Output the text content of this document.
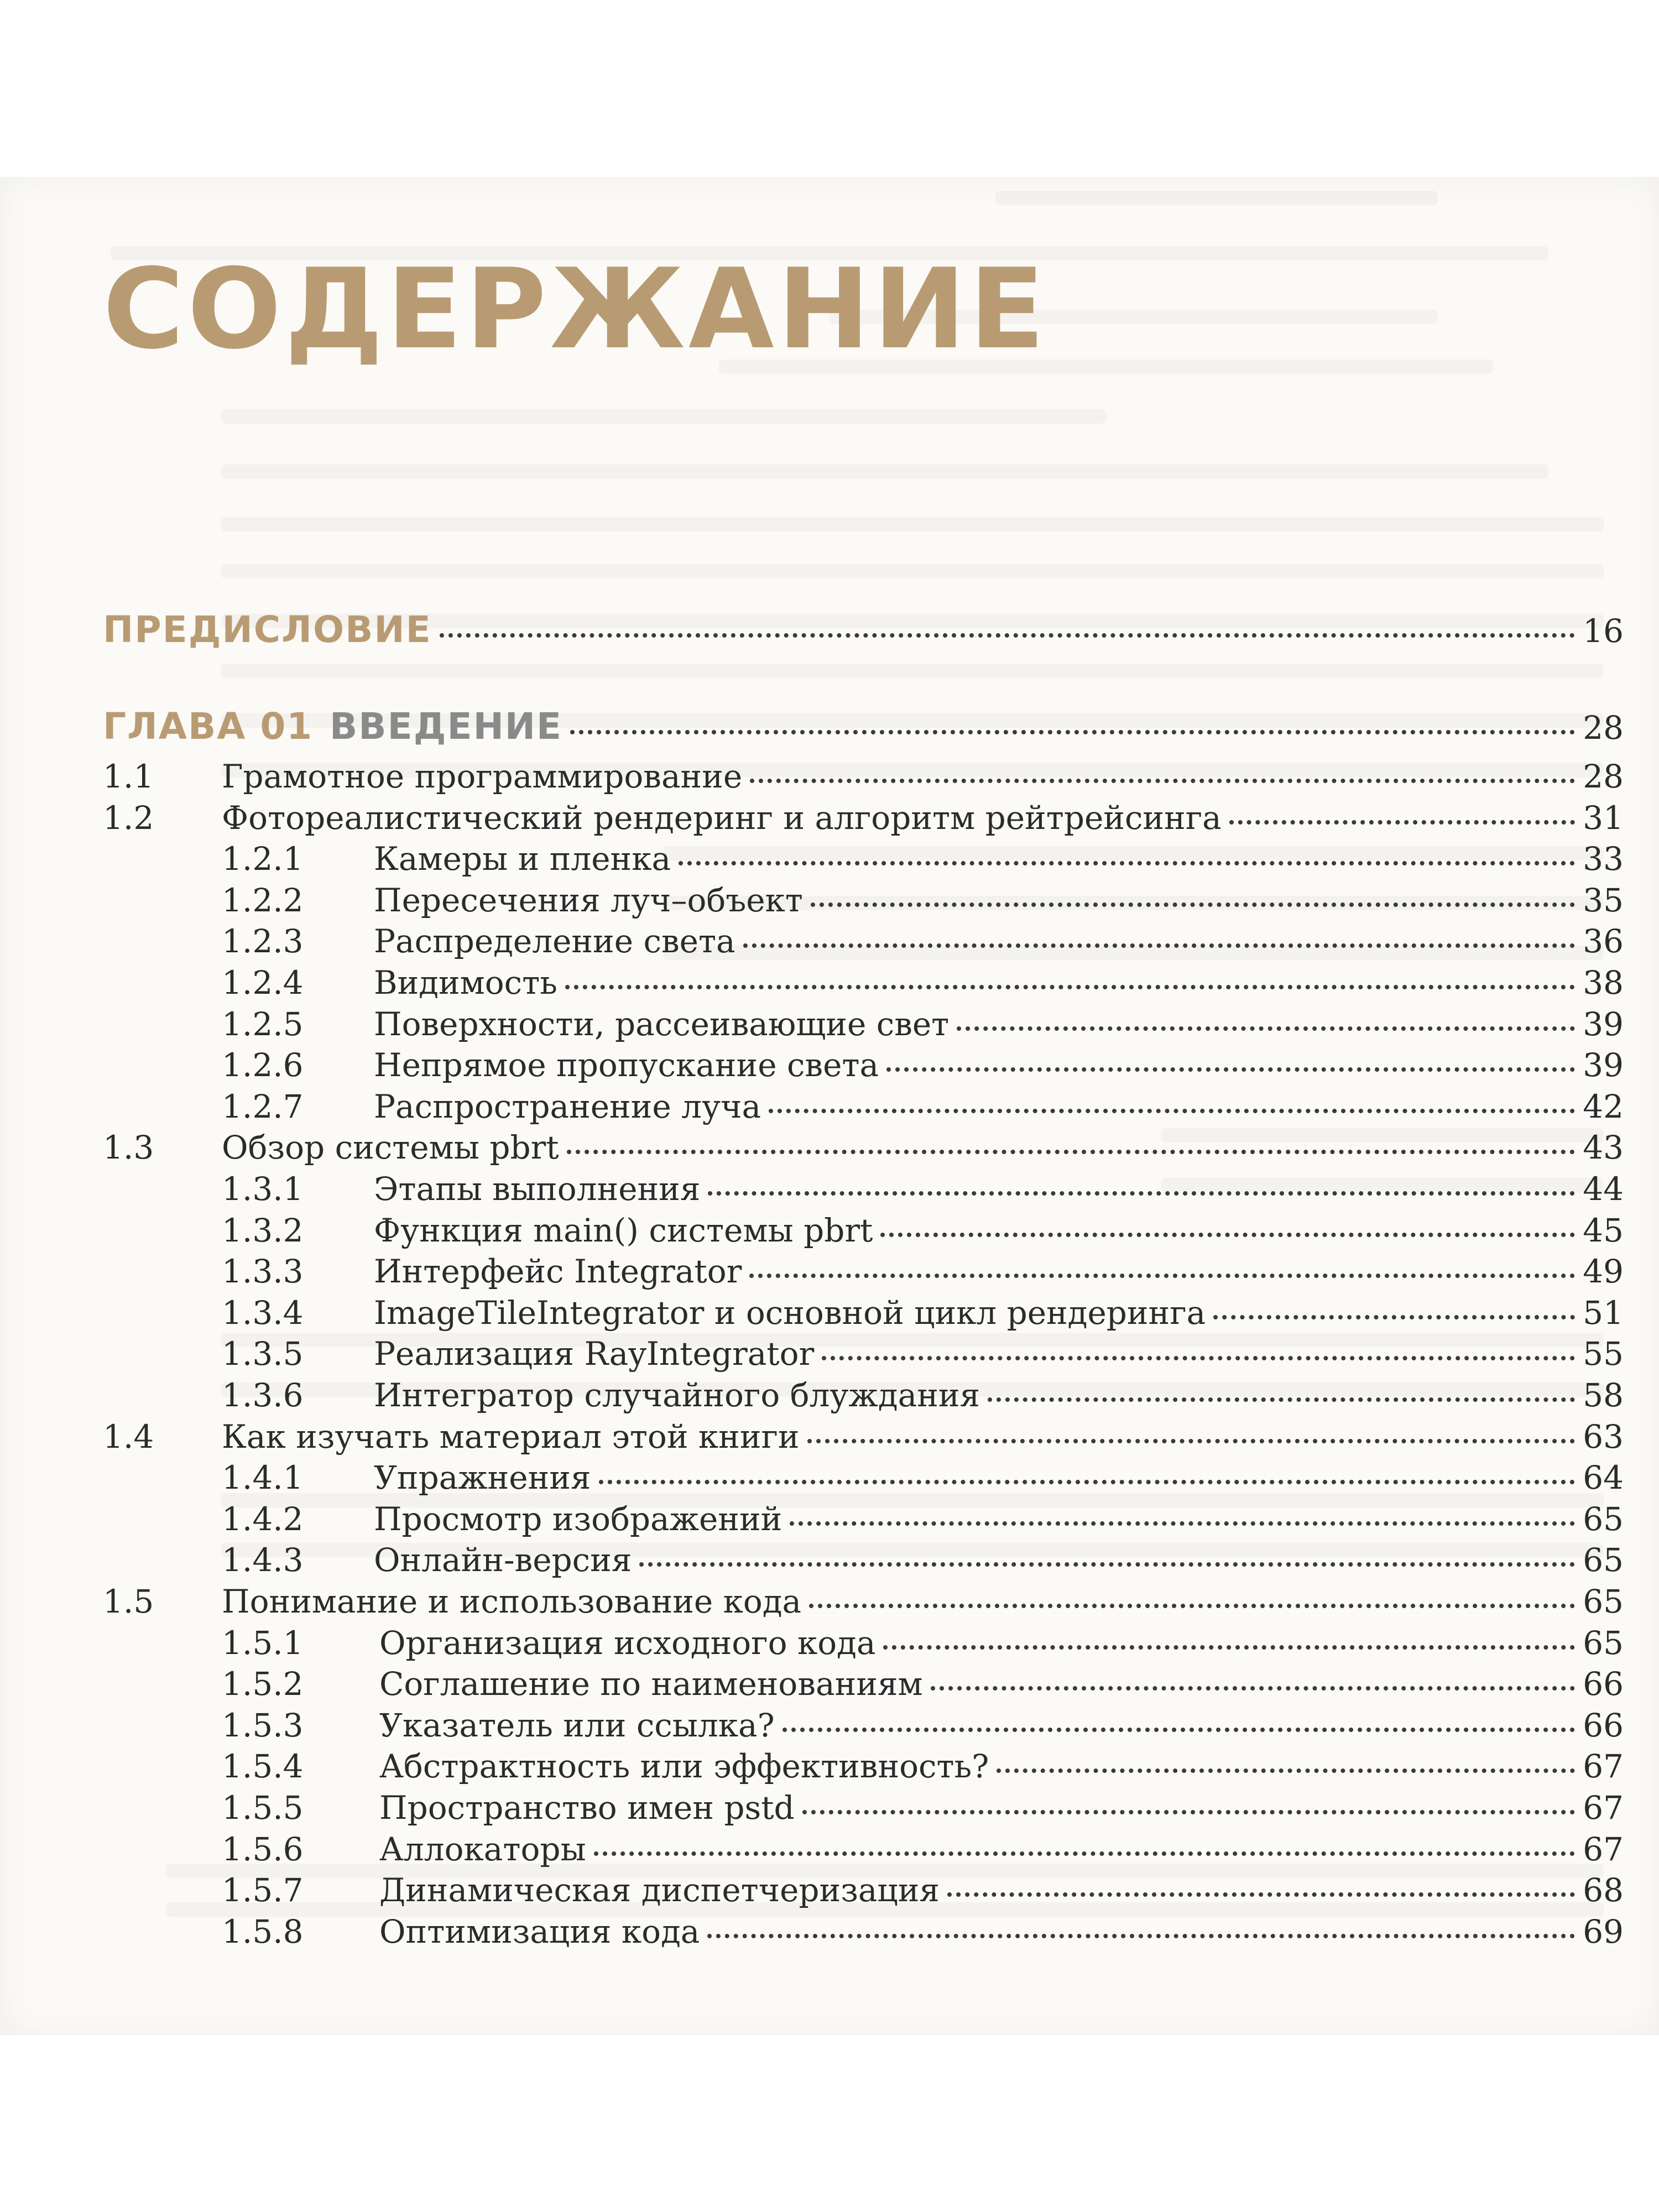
СОДЕРЖАНИЕ
ПРЕДИСЛОВИЕ	16
ГЛАВА 01 ВВЕДЕНИЕ	28
1.1	Грамотное программирование	28
1.2	Фотореалистический рендеринг и алгоритм рейтрейсинга	31
1.2.1	Камеры и пленка	33
1.2.2	Пересечения луч–объект	35
1.2.3	Распределение света	36
1.2.4	Видимость	38
1.2.5	Поверхности, рассеивающие свет	39
1.2.6	Непрямое пропускание света	39
1.2.7	Распространение луча	42
1.3	Обзор системы pbrt	43
1.3.1	Этапы выполнения	44
1.3.2	Функция main() системы pbrt	45
1.3.3	Интерфейс Integrator	49
1.3.4	ImageTileIntegrator и основной цикл рендеринга	51
1.3.5	Реализация RayIntegrator	55
1.3.6	Интегратор случайного блуждания	58
1.4	Как изучать материал этой книги	63
1.4.1	Упражнения	64
1.4.2	Просмотр изображений	65
1.4.3	Онлайн-версия	65
1.5	Понимание и использование кода	65
1.5.1	Организация исходного кода	65
1.5.2	Соглашение по наименованиям	66
1.5.3	Указатель или ссылка?	66
1.5.4	Абстрактность или эффективность?	67
1.5.5	Пространство имен pstd	67
1.5.6	Аллокаторы	67
1.5.7	Динамическая диспетчеризация	68
1.5.8	Оптимизация кода	69
